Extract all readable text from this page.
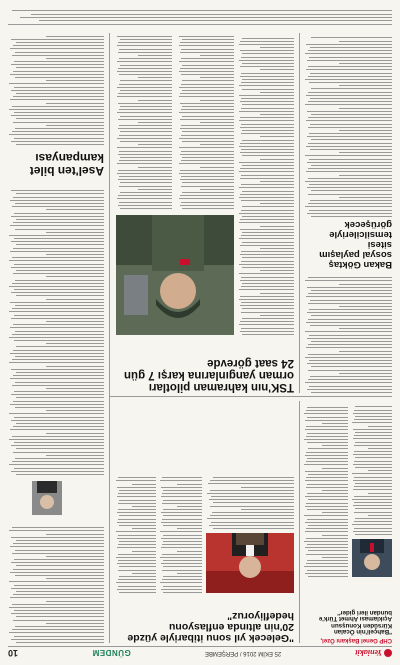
Yeniakit
25 EKİM 2016 / PERŞEMBE
GÜNDEM
10
CHP Genel Başkanı Özel,
"Bahçeli'nin Öcalan Kürsüden Konuşsun Açıklaması Ahmet Türk'e bundan ileri gider"
"Gelecek yıl sonu itibariyle yüzde 20'nin altında enflasyonu hedefliyoruz"
Asel'ten bilet kampanyası
Bakan Göktaş sosyal paylaşım sitesi temsilcileriyle görüşecek
TSK'nın kahraman pilotları orman yangınlarına karşı 7 gün 24 saat görevde
